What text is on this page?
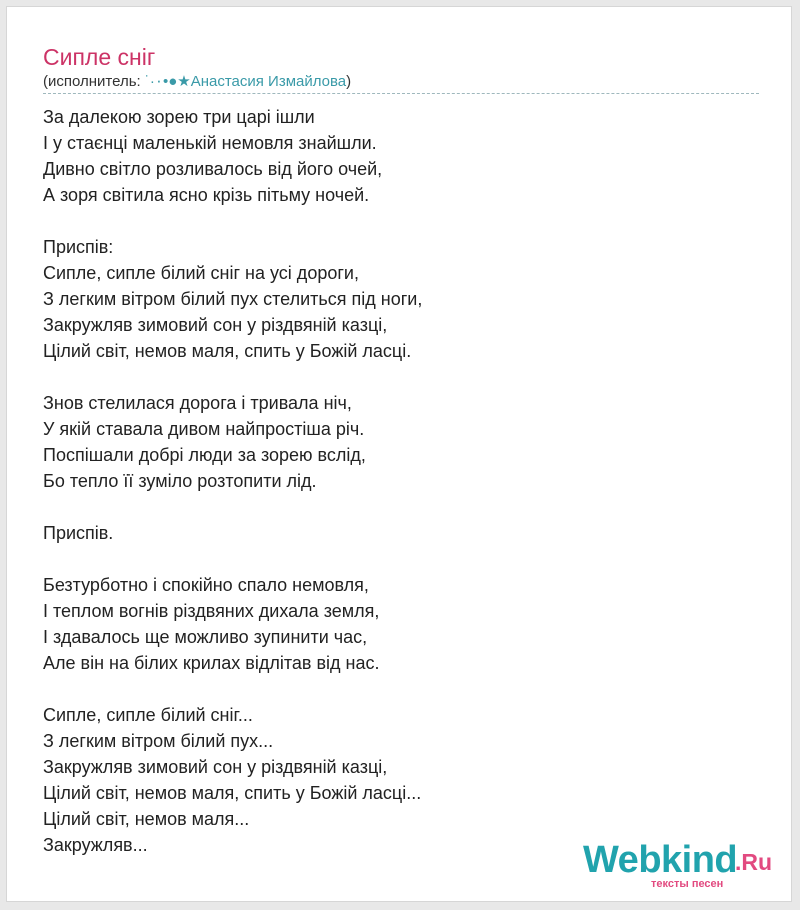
Сипле сніг
(исполнитель: ˙·٠•●★Анастасия Измайлова)
За далекою зорею три царі ішли
І у стаєнці маленькій немовля знайшли.
Дивно світло розливалось від його очей,
А зоря світила ясно крізь пітьму ночей.
Приспів:
Сипле, сипле білий сніг на усі дороги,
З легким вітром білий пух стелиться під ноги,
Закружляв зимовий сон у різдвяній казці,
Цілий світ, немов маля, спить у Божій ласці.
Знов стелилася дорога і тривала ніч,
У якій ставала дивом найпростіша річ.
Поспішали добрі люди за зорею вслід,
Бо тепло її зуміло розтопити лід.
Приспів.
Безтурботно і спокійно спало немовля,
І теплом вогнів різдвяних дихала земля,
І здавалось ще можливо зупинити час,
Але він на білих крилах відлітав від нас.
Сипле, сипле білий сніг...
З легким вітром білий пух...
Закружляв зимовий сон у різдвяній казці,
Цілий світ, немов маля, спить у Божій ласці...
Цілий світ, немов маля...
Закружляв...	Webkind
.Ru
тексты песен
